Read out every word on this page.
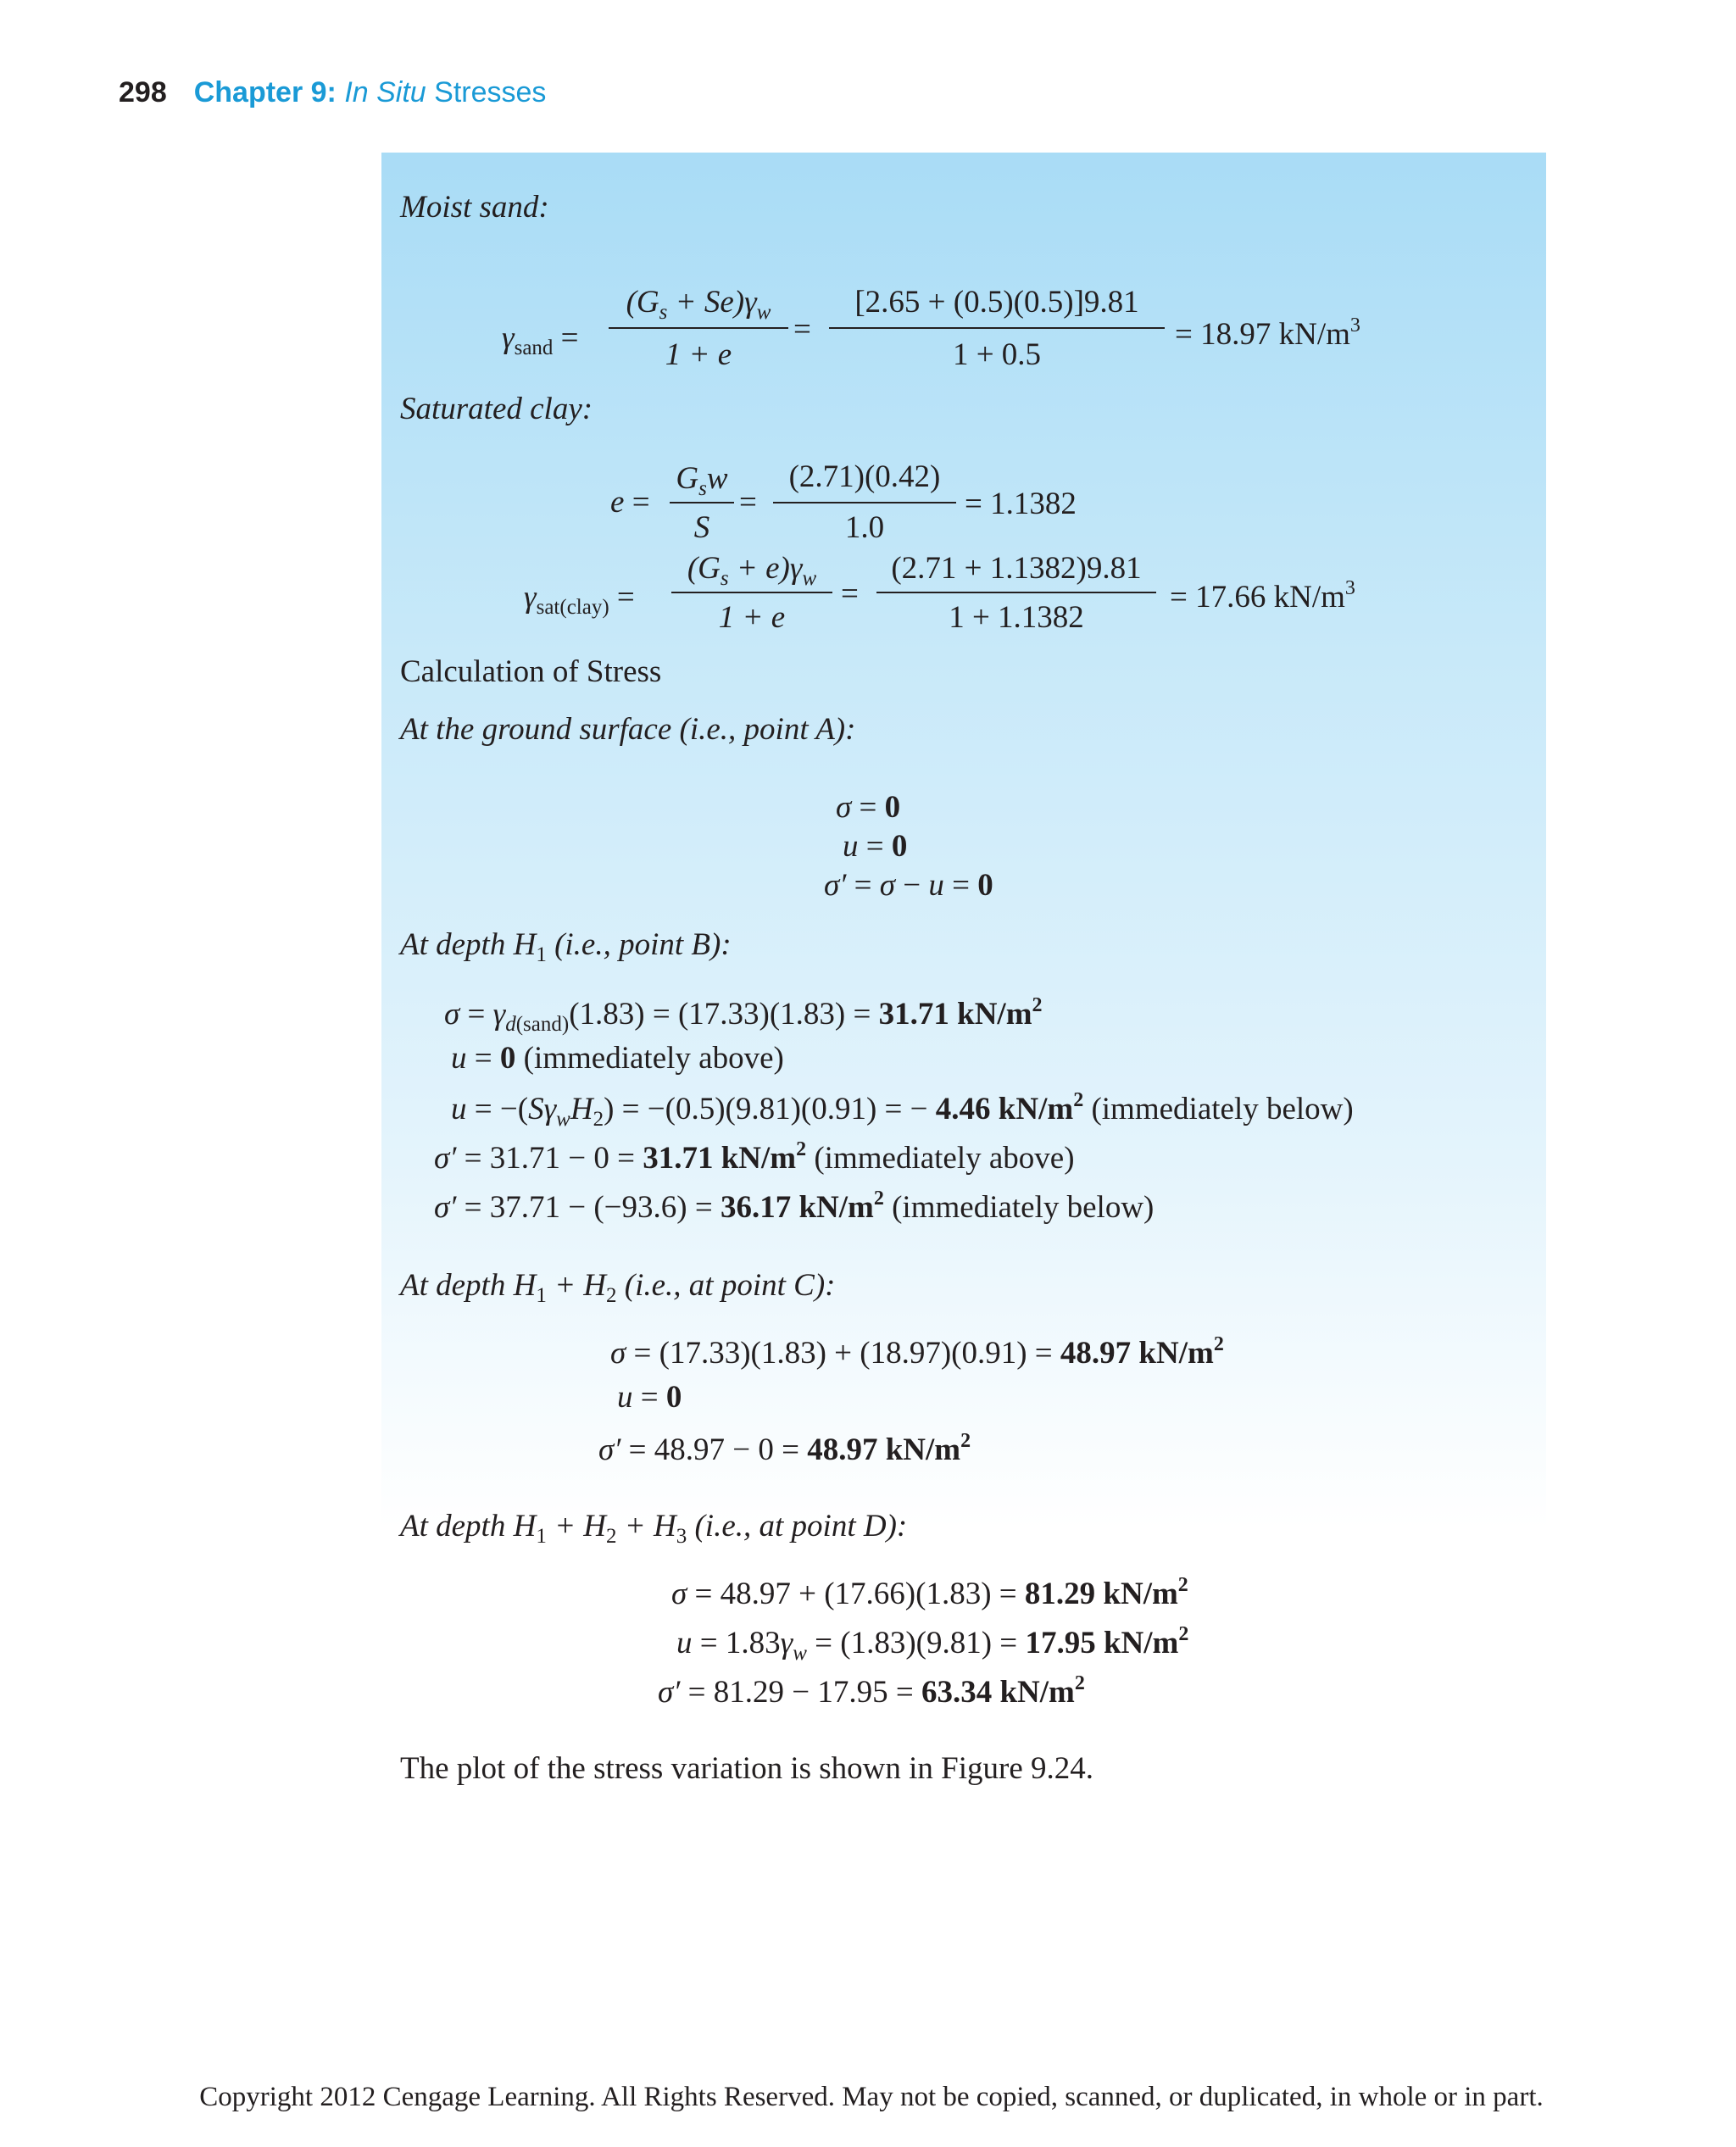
298 Chapter 9: In Situ Stresses
Moist sand:
$\gamma_{sand}$ =
$(G_s + Se)\gamma_w$
1 + e
=
[2.65 + (0.5)(0.5)]9.81
1 + 0.5
= 18.97 $kN/m^3$
Saturated clay:
e =
$G_sw$
S
=
(2.71)(0.42)
1.0
= 1.1382
$\gamma_{sat(clay)}$ =
$(G_s + e)\gamma_w$
1 + e
=
(2.71 + 1.1382)9.81
1 + 1.1382
= 17.66 $kN/m^3$
Calculation of Stress
At the ground surface (i.e., point A):
σ = 0
u = 0
σ′ = σ − u = 0
At depth $H_1$ (i.e., point B):
$\sigma = \gamma_{d(sand)}(1.83) = (17.33)(1.83) = 31.71$ $kN/m^2$
u = 0 (immediately above)
$u = -(S\gamma_wH_2) = -(0.5)(9.81)(0.91)$ = − 4.46 $kN/m^2$ (immediately below)
σ′ = 31.71 − 0 = 31.71 $kN/m^2$ (immediately above)
σ′ = 37.71 − (−93.6) = 36.17 $kN/m^2$ (immediately below)
At depth $H_1 + H_2$ (i.e., at point C):
σ = (17.33)(1.83) + (18.97)(0.91) = 48.97 $kN/m^2$
u = 0
σ′ = 48.97 − 0 = 48.97 $kN/m^2$
At depth $H_1 + H_2 + H_3$ (i.e., at point D):
σ = 48.97 + (17.66)(1.83) = 81.29 $kN/m^2$
$u = 1.83\gamma_w = (1.83)(9.81) = 17.95$ $kN/m^2$
σ′ = 81.29 − 17.95 = 63.34 $kN/m^2$
The plot of the stress variation is shown in Figure 9.24.
Copyright 2012 Cengage Learning. All Rights Reserved. May not be copied, scanned, or duplicated, in whole or in part.
